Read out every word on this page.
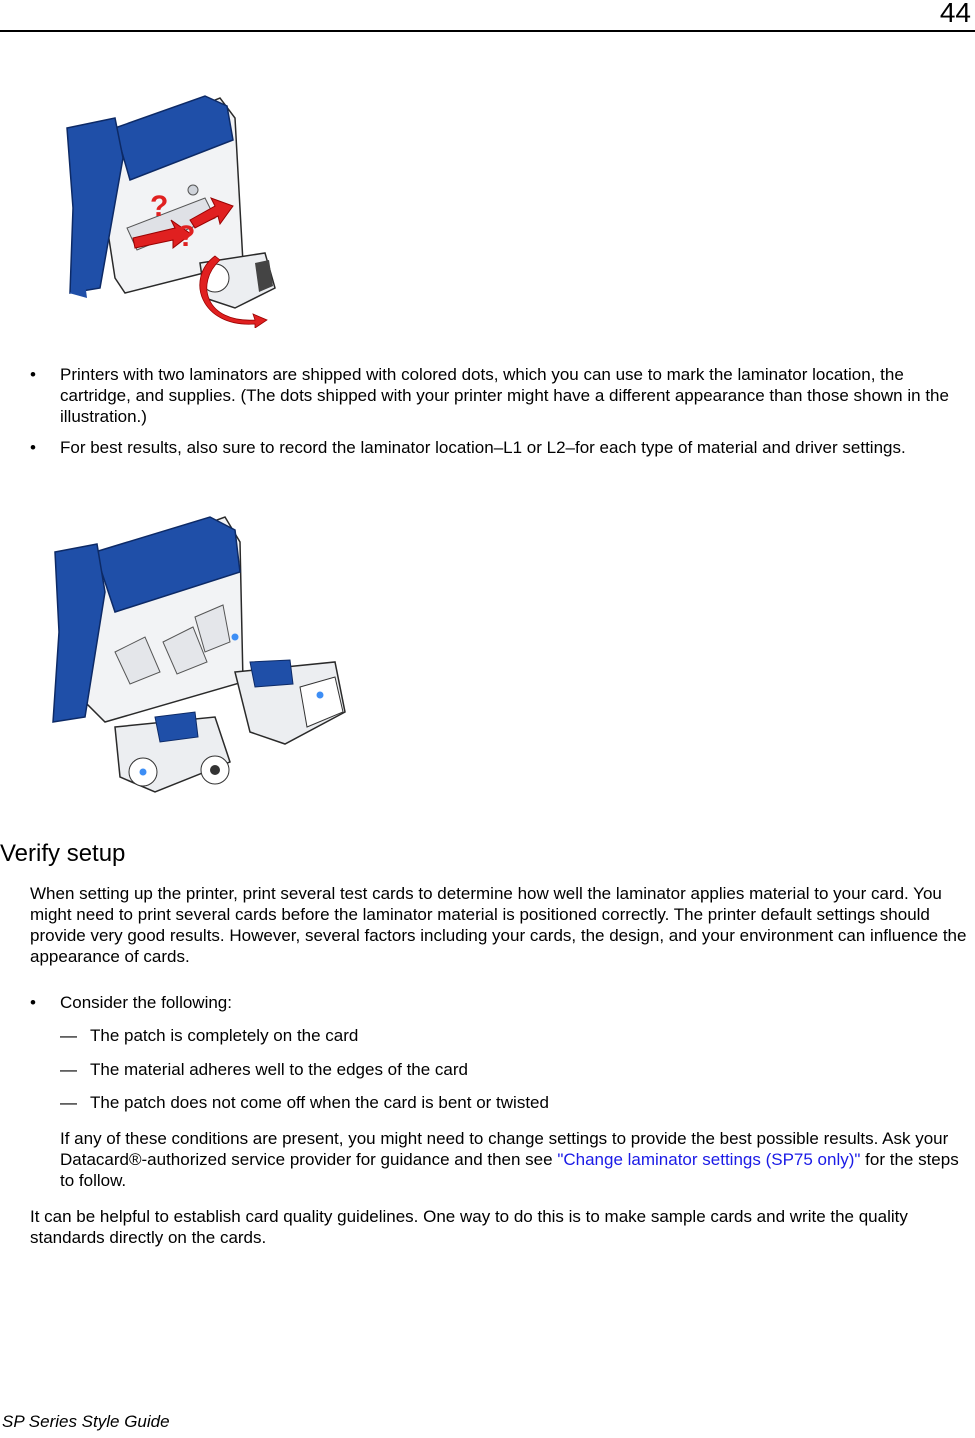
44
?
?
• Printers with two laminators are shipped with colored dots, which you can use to mark the laminator location, the cartridge, and supplies. (The dots shipped with your printer might have a different appearance than those shown in the illustration.)
• For best results, also sure to record the laminator location–L1 or L2–for each type of material and driver settings.
Verify setup

When setting up the printer, print several test cards to determine how well the laminator applies material to your card. You might need to print several cards before the laminator material is positioned correctly. The printer default settings should provide very good results. However, several factors including your cards, the design, and your environment can influence the appearance of cards.

• Consider the following:
— The patch is completely on the card
— The material adheres well to the edges of the card
— The patch does not come off when the card is bent or twisted

If any of these conditions are present, you might need to change settings to provide the best possible results. Ask your Datacard®-authorized service provider for guidance and then see "Change laminator settings (SP75 only)" for the steps to follow.

It can be helpful to establish card quality guidelines. One way to do this is to make sample cards and write the quality standards directly on the cards.

SP Series Style Guide
